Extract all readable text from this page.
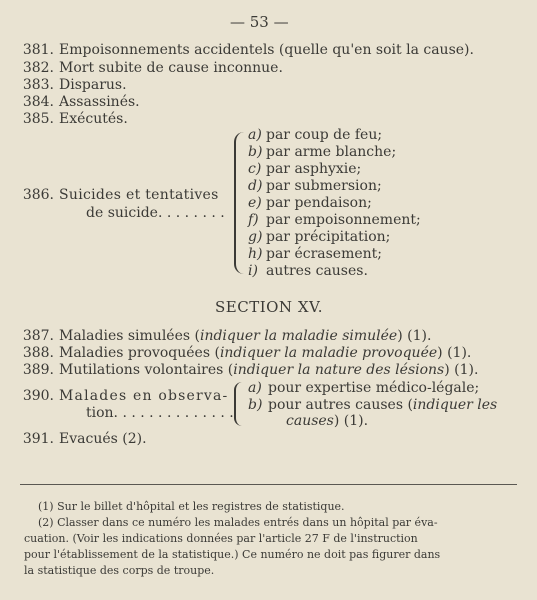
— 53 —
381. Empoisonnements accidentels (quelle qu'en soit la cause).
382. Mort subite de cause inconnue.
383. Disparus.
384. Assassinés.
385. Exécutés.
386. Suicides et tentatives
de suicide. . . . . . . .
a) par coup de feu;
b) par arme blanche;
c) par asphyxie;
d) par submersion;
e) par pendaison;
f) par empoisonnement;
g) par précipitation;
h) par écrasement;
i) autres causes.
SECTION XV.
387. Maladies simulées (indiquer la maladie simulée) (1).
388. Maladies provoquées (indiquer la maladie provoquée) (1).
389. Mutilations volontaires (indiquer la nature des lésions) (1).
390. Malades en observa-
tion. . . . . . . . . . . . . .
a) pour expertise médico-légale;
b) pour autres causes (indiquer les
causes) (1).
391. Evacués (2).
(1) Sur le billet d'hôpital et les registres de statistique.
(2) Classer dans ce numéro les malades entrés dans un hôpital par éva-
cuation. (Voir les indications données par l'article 27 F de l'instruction
pour l'établissement de la statistique.) Ce numéro ne doit pas figurer dans
la statistique des corps de troupe.
